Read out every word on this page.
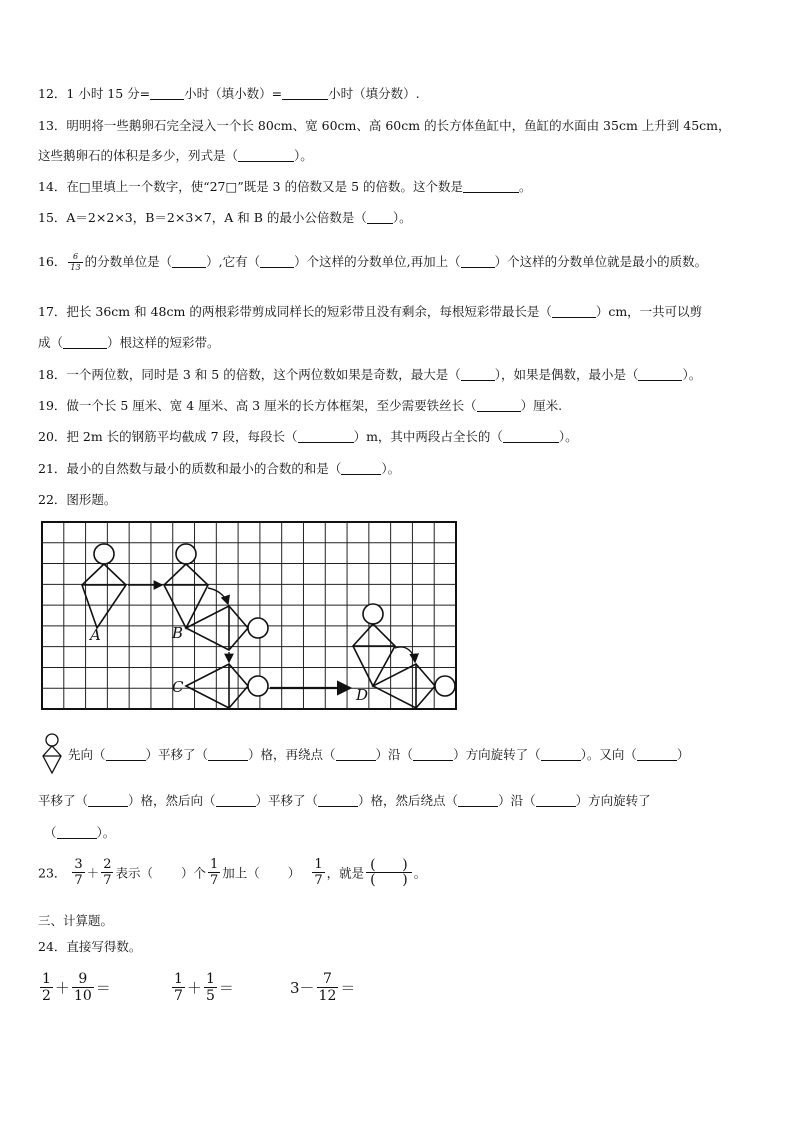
12．1 小时 15 分=	小时（填小数）=	小时（填分数）.
13．明明将一些鹅卵石完全浸入一个长 80cm、宽 60cm、高 60cm 的长方体鱼缸中，鱼缸的水面由 35cm 上升到 45cm，
这些鹅卵石的体积是多少，列式是（	）。
14．在□里填上一个数字，使“27□”既是 3 的倍数又是 5 的倍数。这个数是	。
15．A＝2×2×3，B＝2×3×7，A 和 B 的最小公倍数是（ ）。
16． $\frac{6}{13}$ 的分数单位是（	）,它有（	）个这样的分数单位,再加上（	）个这样的分数单位就是最小的质数。
17．把长 36cm 和 48cm 的两根彩带剪成同样长的短彩带且没有剩余，每根短彩带最长是（	）cm，一共可以剪
成（	）根这样的短彩带。
18．一个两位数，同时是 3 和 5 的倍数，这个两位数如果是奇数，最大是（	），如果是偶数，最小是（	）。
19．做一个长 5 厘米、宽 4 厘米、高 3 厘米的长方体框架，至少需要铁丝长（	）厘米.
20．把 2m 长的钢筋平均截成 7 段，每段长（	）m，其中两段占全长的（	）。
21．最小的自然数与最小的质数和最小的合数的和是（	）。
22．图形题。
A	B
C	D
先向（	）平移了（	）格，再绕点（	）沿（	）方向旋转了（	）。又向（	）
平移了（	）格，然后向（	）平移了（	）格，然后绕点（	）沿（	）方向旋转了
（	）。
23． $\frac{3}{7} + \frac{2}{7}$ 表示（ ）个 $\frac{1}{7}$ 加上（ ） $\frac{1}{7}$ ，就是 $\frac{( )}{( )}$ 。
三、计算题。
24．直接写得数。
$\frac{1}{2} + \frac{9}{10}$ ＝	$\frac{1}{7} + \frac{1}{5}$ ＝	$3- \frac{7}{12}$ ＝
